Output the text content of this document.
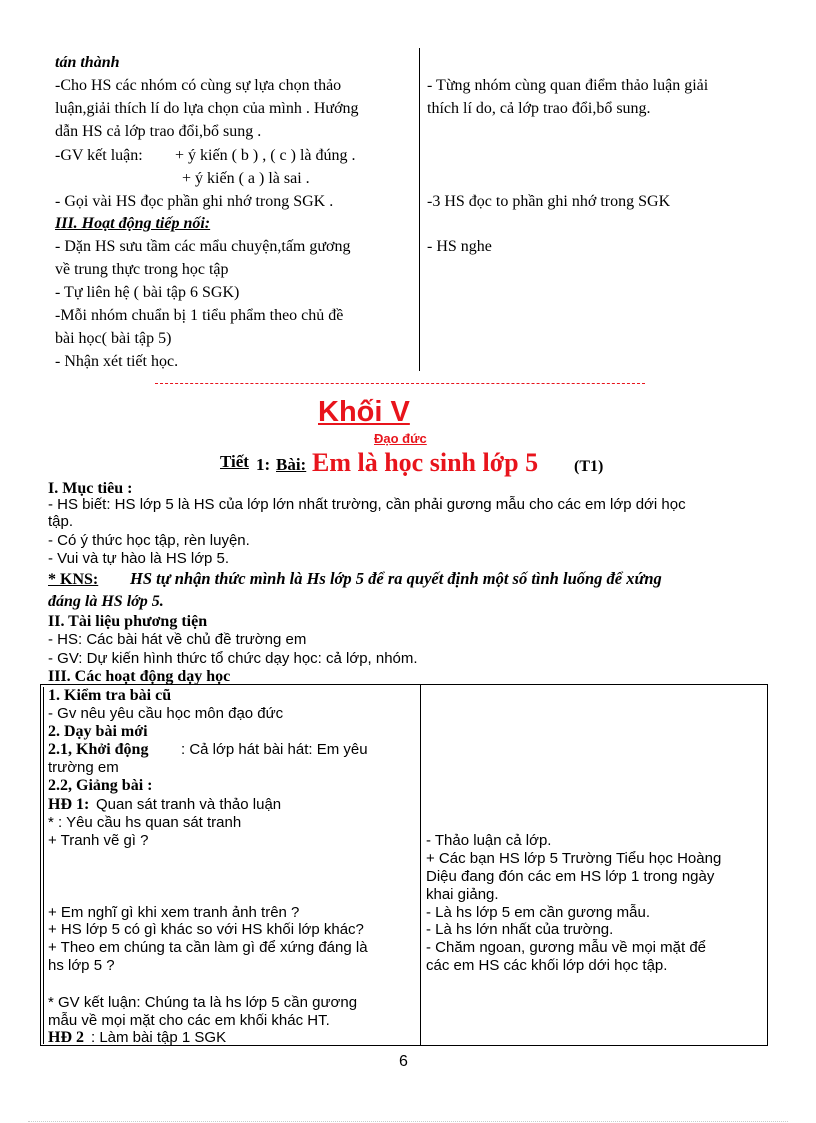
tán thành
-Cho HS các nhóm có cùng sự lựa chọn thảo
luận,giải thích lí do lựa chọn của mình . Hướng
dẫn HS cả lớp trao đổi,bổ sung .
-GV kết luận: + ý kiến ( b ) , ( c ) là đúng .
+ ý kiến ( a ) là sai .
- Gọi vài HS đọc phần ghi nhớ trong SGK .
III. Hoạt động tiếp nối:
- Dặn HS sưu tầm các mẩu chuyện,tấm gương
về trung thực trong học tập
- Tự liên hệ ( bài tập 6 SGK)
-Mỗi nhóm chuẩn bị 1 tiểu phẩm theo chủ đề
bài học( bài tập 5)
- Nhận xét tiết học.
- Từng nhóm cùng quan điểm thảo luận giải
thích lí do, cả lớp trao đổi,bổ sung.
-3 HS đọc to phần ghi nhớ trong SGK
- HS nghe
Khối V
Đạo đức
Tiết 1: Bài: Em là học sinh lớp 5 (T1)
I. Mục tiêu :
- HS biết: HS lớp 5 là HS của lớp lớn nhất trường, cần phải gương mẫu cho các em lớp dới học
tập.
- Có ý thức học tập, rèn luyện.
- Vui và tự hào là HS lớp 5.
* KNS: HS tự nhận thức mình là Hs lớp 5 để ra quyết định một số tình luống để xứng
đáng là HS lớp 5.
II. Tài liệu phương tiện
- HS: Các bài hát về chủ đề trường em
- GV: Dự kiến hình thức tổ chức dạy học: cả lớp, nhóm.
III. Các hoạt động dạy học
1. Kiểm tra bài cũ
- Gv nêu yêu cầu học môn đạo đức
2. Dạy bài mới
2.1, Khởi động : Cả lớp hát bài hát: Em yêu
trường em
2.2, Giảng bài :
HĐ 1: Quan sát tranh và thảo luận
* : Yêu cầu hs quan sát tranh
+ Tranh vẽ gì ?
+ Em nghĩ gì khi xem tranh ảnh trên ?
+ HS lớp 5 có gì khác so với HS khối lớp khác?
+ Theo em chúng ta cần làm gì để xứng đáng là
hs lớp 5 ?
* GV kết luận: Chúng ta là hs lớp 5 cần gương
mẫu về mọi mặt cho các em khối khác HT.
HĐ 2 : Làm bài tập 1 SGK
- Thảo luận cả lớp.
+ Các bạn HS lớp 5 Trường Tiểu học Hoàng
Diệu đang đón các em HS lớp 1 trong ngày
khai giảng.
- Là hs lớp 5 em cần gương mẫu.
- Là hs lớn nhất của trường.
- Chăm ngoan, gương mẫu về mọi mặt để
các em HS các khối lớp dới học tập.
6
